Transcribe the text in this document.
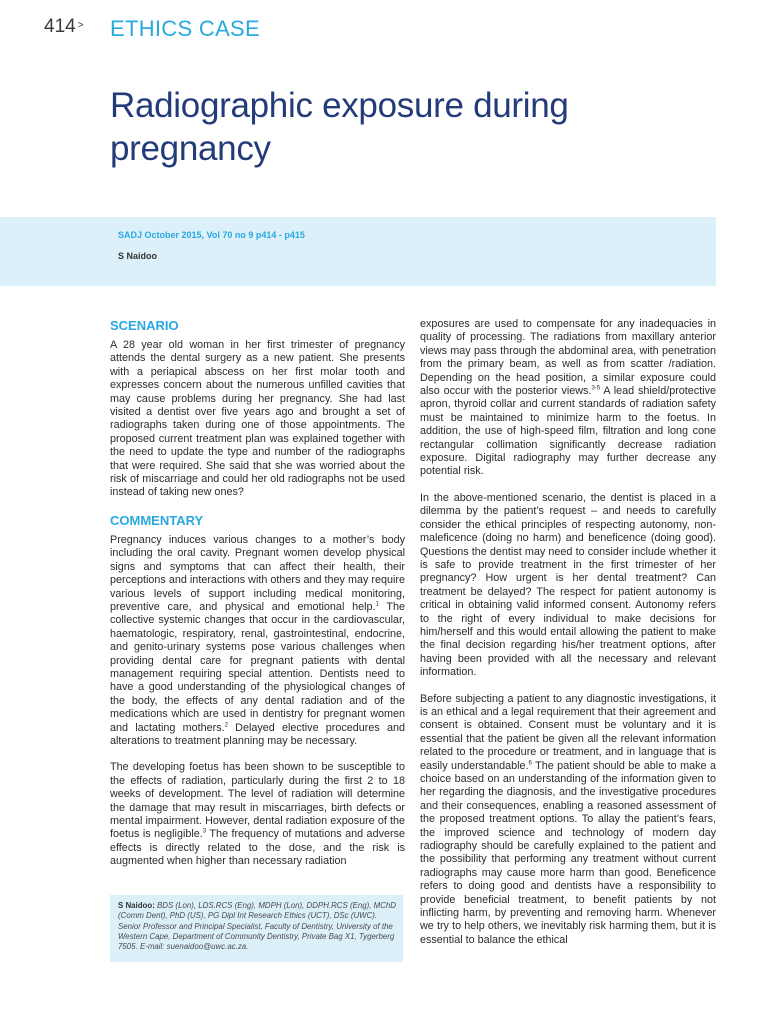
414 > ETHICS CASE
Radiographic exposure during pregnancy
SADJ October 2015, Vol 70 no 9 p414 - p415
S Naidoo
SCENARIO

A 28 year old woman in her first trimester of pregnancy attends the dental surgery as a new patient. She presents with a periapical abscess on her first molar tooth and expresses concern about the numerous unfilled cavities that may cause problems during her pregnancy. She had last visited a dentist over five years ago and brought a set of radiographs taken during one of those appointments. The proposed current treatment plan was explained together with the need to update the type and number of the radiographs that were required. She said that she was worried about the risk of miscarriage and could her old radiographs not be used instead of taking new ones?

COMMENTARY

Pregnancy induces various changes to a mother’s body including the oral cavity. Pregnant women develop physical signs and symptoms that can affect their health, their perceptions and interactions with others and they may require various levels of support including medical monitoring, preventive care, and physical and emotional help.$^1$ The collective systemic changes that occur in the cardiovascular, haematologic, respiratory, renal, gastrointestinal, endocrine, and genito-urinary systems pose various challenges when providing dental care for pregnant patients with dental management requiring special attention. Dentists need to have a good understanding of the physiological changes of the body, the effects of any dental radiation and of the medications which are used in dentistry for pregnant women and lactating mothers.$^2$ Delayed elective procedures and alterations to treatment planning may be necessary.

The developing foetus has been shown to be susceptible to the effects of radiation, particularly during the first 2 to 18 weeks of development. The level of radiation will determine the damage that may result in miscarriages, birth defects or mental impairment. However, dental radiation exposure of the foetus is negligible.$^3$ The frequency of mutations and adverse effects is directly related to the dose, and the risk is augmented when higher than necessary radiation

S Naidoo: BDS (Lon), LDS.RCS (Eng), MDPH (Lon), DDPH.RCS (Eng), MChD (Comm Dent), PhD (US), PG Dipl Int Research Ethics (UCT), DSc (UWC). Senior Professor and Principal Specialist, Faculty of Dentistry, University of the Western Cape, Department of Community Dentistry, Private Bag X1, Tygerberg 7505. E-mail: suenaidoo@uwc.ac.za.

exposures are used to compensate for any inadequacies in quality of processing. The radiations from maxillary anterior views may pass through the abdominal area, with penetration from the primary beam, as well as from scatter /radiation. Depending on the head position, a similar exposure could also occur with the posterior views.$^{3-5}$ A lead shield/protective apron, thyroid collar and current standards of radiation safety must be maintained to minimize harm to the foetus. In addition, the use of high-speed film, filtration and long cone rectangular collimation significantly decrease radiation exposure. Digital radiography may further decrease any potential risk.

In the above-mentioned scenario, the dentist is placed in a dilemma by the patient’s request – and needs to carefully consider the ethical principles of respecting autonomy, non-maleficence (doing no harm) and beneficence (doing good). Questions the dentist may need to consider include whether it is safe to provide treatment in the first trimester of her pregnancy? How urgent is her dental treatment? Can treatment be delayed? The respect for patient autonomy is critical in obtaining valid informed consent. Autonomy refers to the right of every individual to make decisions for him/herself and this would entail allowing the patient to make the final decision regarding his/her treatment options, after having been provided with all the necessary and relevant information.

Before subjecting a patient to any diagnostic investigations, it is an ethical and a legal requirement that their agreement and consent is obtained. Consent must be voluntary and it is essential that the patient be given all the relevant information related to the procedure or treatment, and in language that is easily understandable.$^6$ The patient should be able to make a choice based on an understanding of the information given to her regarding the diagnosis, and the investigative procedures and their consequences, enabling a reasoned assessment of the proposed treatment options. To allay the patient’s fears, the improved science and technology of modern day radiography should be carefully explained to the patient and the possibility that performing any treatment without current radiographs may cause more harm than good. Beneficence refers to doing good and dentists have a responsibility to provide beneficial treatment, to benefit patients by not inflicting harm, by preventing and removing harm. Whenever we try to help others, we inevitably risk harming them, but it is essential to balance the ethical
